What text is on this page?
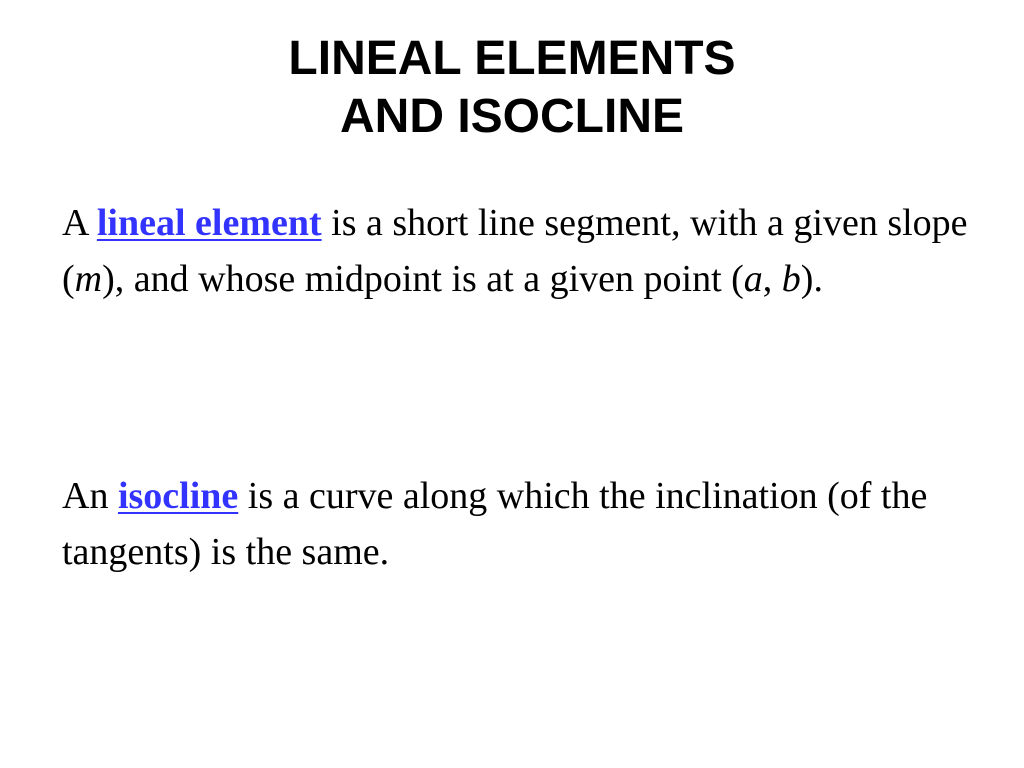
LINEAL ELEMENTS
AND ISOCLINE
A lineal element is a short line segment, with a given slope (m), and whose midpoint is at a given point (a, b).
An isocline is a curve along which the inclination (of the tangents) is the same.
